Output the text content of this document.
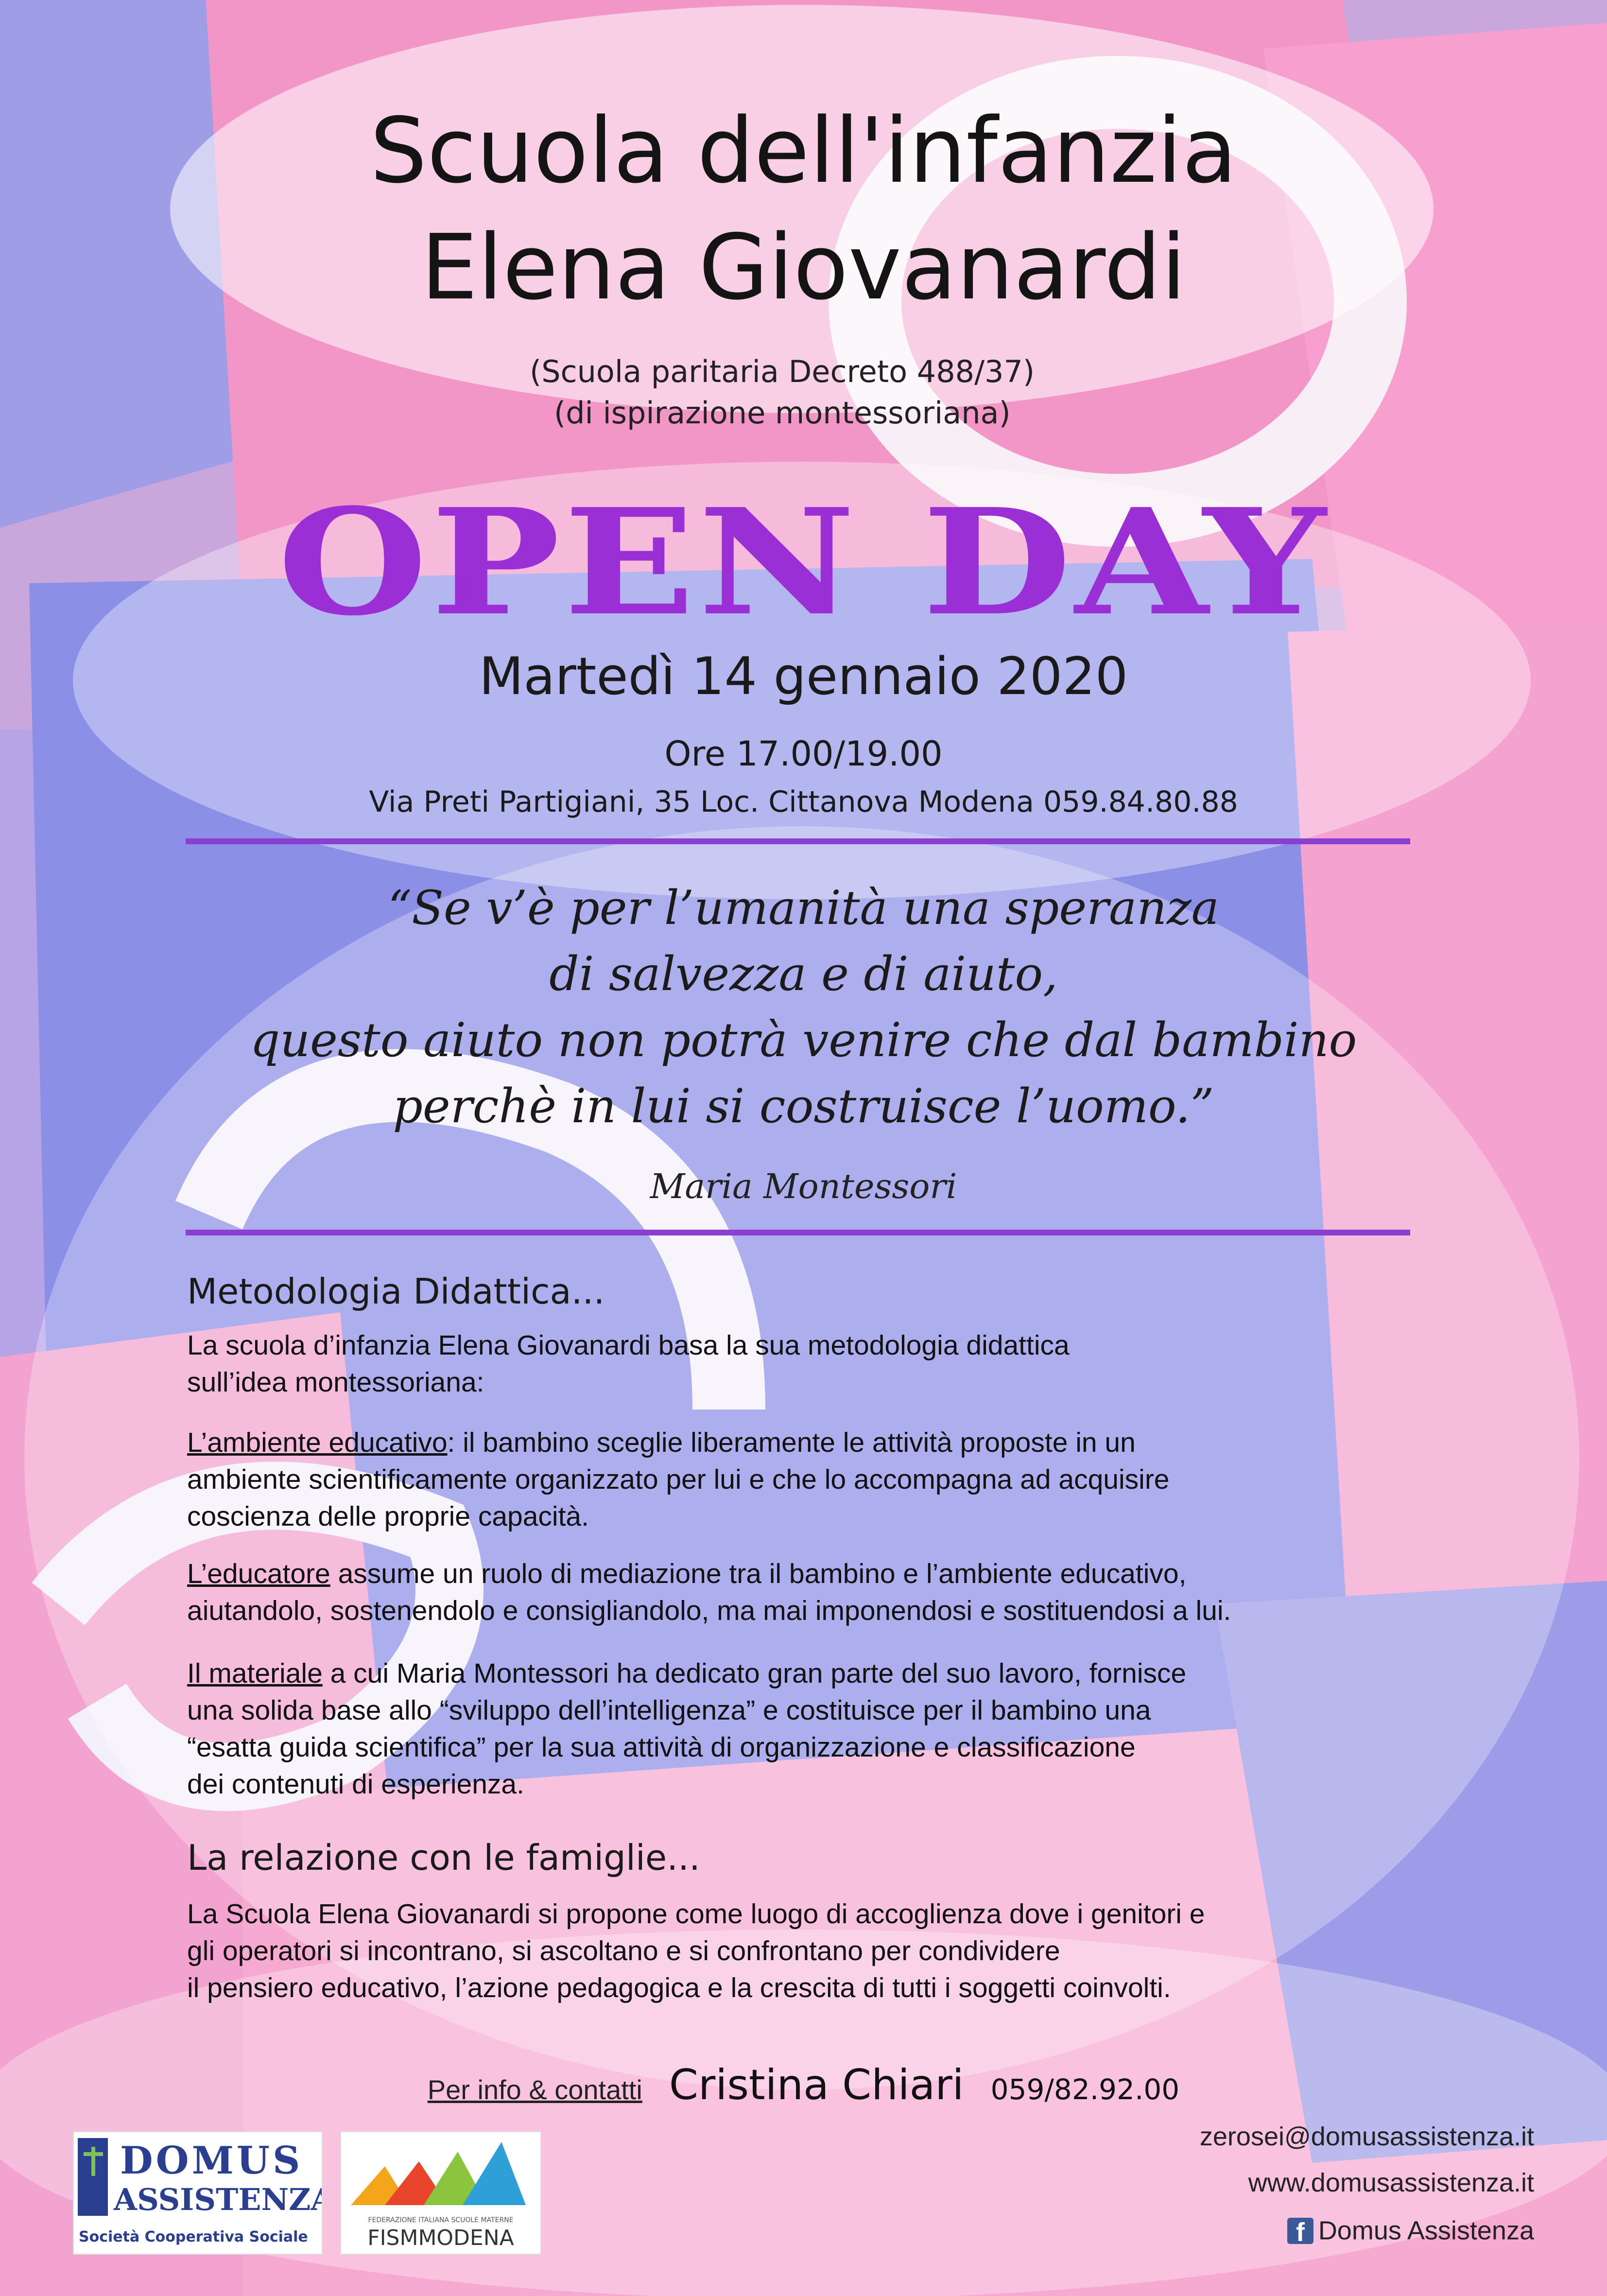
Scuola dell'infanzia
Elena Giovanardi
(Scuola paritaria Decreto 488/37)
(di ispirazione montessoriana)
OPEN DAY
Martedì 14 gennaio 2020
Ore 17.00/19.00
Via Preti Partigiani, 35 Loc. Cittanova Modena 059.84.80.88
“Se v’è per l’umanità una speranza
di salvezza e di aiuto,
questo aiuto non potrà venire che dal bambino
perchè in lui si costruisce l’uomo.”
Maria Montessori
Metodologia Didattica...
La scuola d’infanzia Elena Giovanardi basa la sua metodologia didattica
sull’idea montessoriana:
L’ambiente educativo: il bambino sceglie liberamente le attività proposte in un
ambiente scientificamente organizzato per lui e che lo accompagna ad acquisire
coscienza delle proprie capacità.
L’educatore assume un ruolo di mediazione tra il bambino e l’ambiente educativo,
aiutandolo, sostenendolo e consigliandolo, ma mai imponendosi e sostituendosi a lui.
Il materiale a cui Maria Montessori ha dedicato gran parte del suo lavoro, fornisce
una solida base allo “sviluppo dell’intelligenza” e costituisce per il bambino una
“esatta guida scientifica” per la sua attività di organizzazione e classificazione
dei contenuti di esperienza.
La relazione con le famiglie...
La Scuola Elena Giovanardi si propone come luogo di accoglienza dove i genitori e
gli operatori si incontrano, si ascoltano e si confrontano per condividere
il pensiero educativo, l’azione pedagogica e la crescita di tutti i soggetti coinvolti.
Per info & contatti Cristina Chiari 059/82.92.00
DOMUS
ASSISTENZA
Società Cooperativa Sociale
FEDERAZIONE ITALIANA SCUOLE MATERNE
FISMMODENA
zerosei@domusassistenza.it
www.domusassistenza.it
f Domus Assistenza
